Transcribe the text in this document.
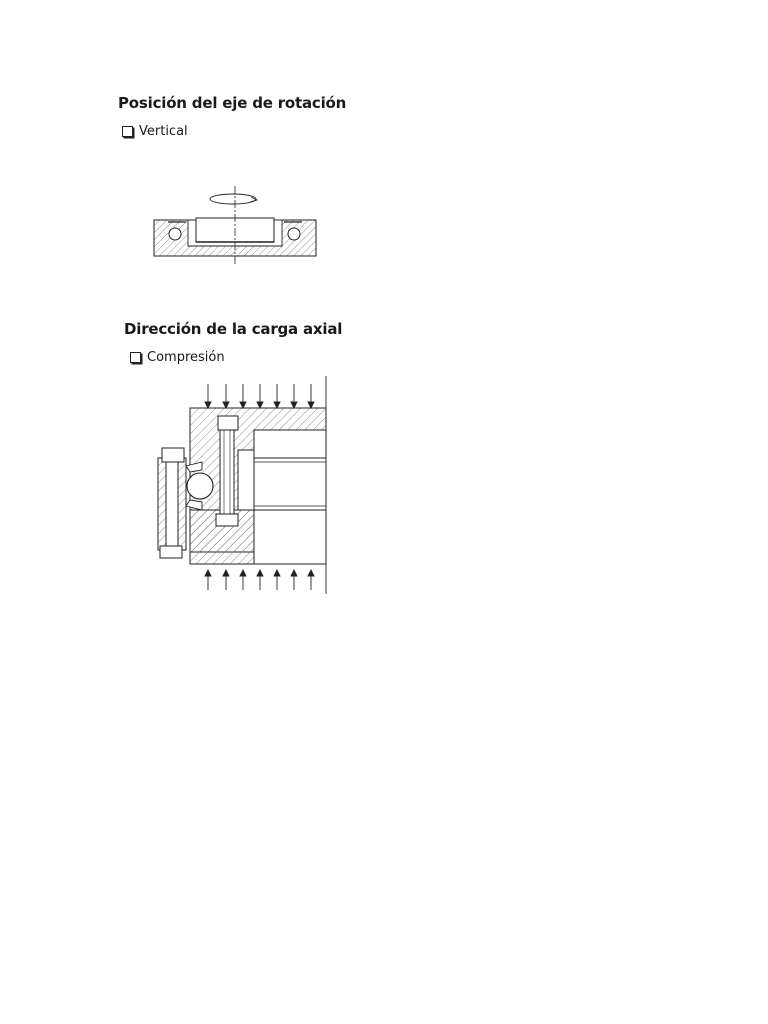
Posición del eje de rotación
Vertical
Dirección de la carga axial
Compresión
